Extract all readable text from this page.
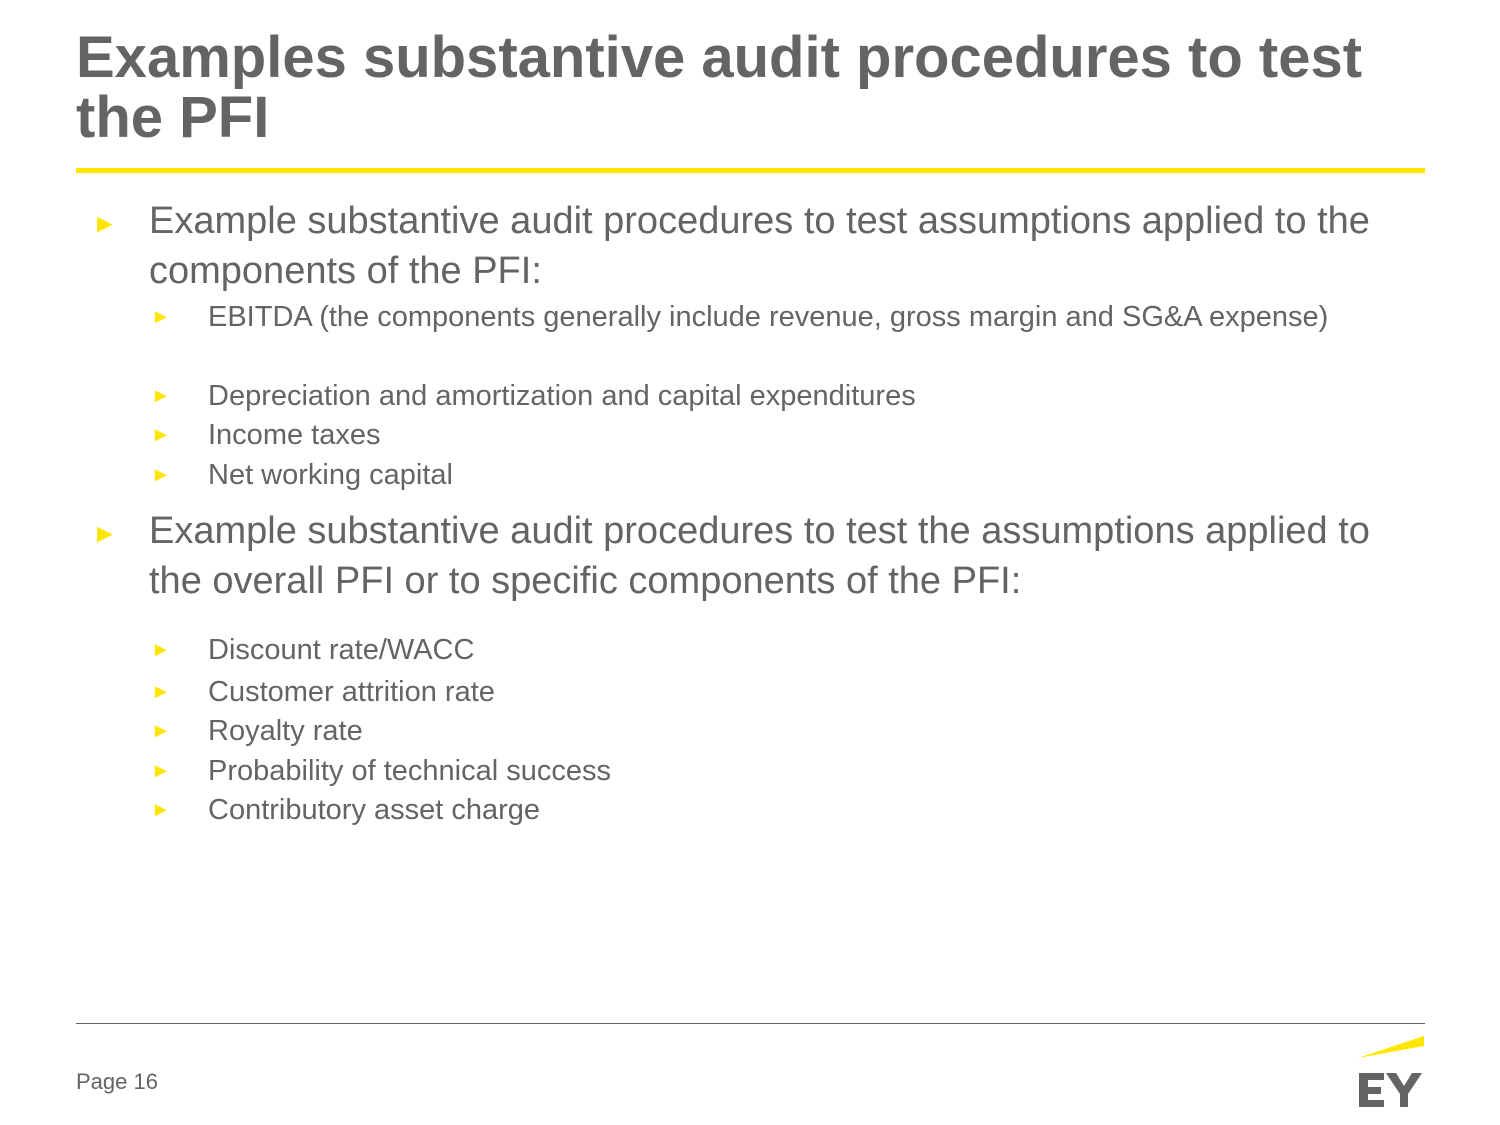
Examples substantive audit procedures to test the PFI
► Example substantive audit procedures to test assumptions applied to the components of the PFI:
► EBITDA (the components generally include revenue, gross margin and SG&A expense)
► Depreciation and amortization and capital expenditures
► Income taxes
► Net working capital
► Example substantive audit procedures to test the assumptions applied to the overall PFI or to specific components of the PFI:
► Discount rate/WACC
► Customer attrition rate
► Royalty rate
► Probability of technical success
► Contributory asset charge
Page 16
